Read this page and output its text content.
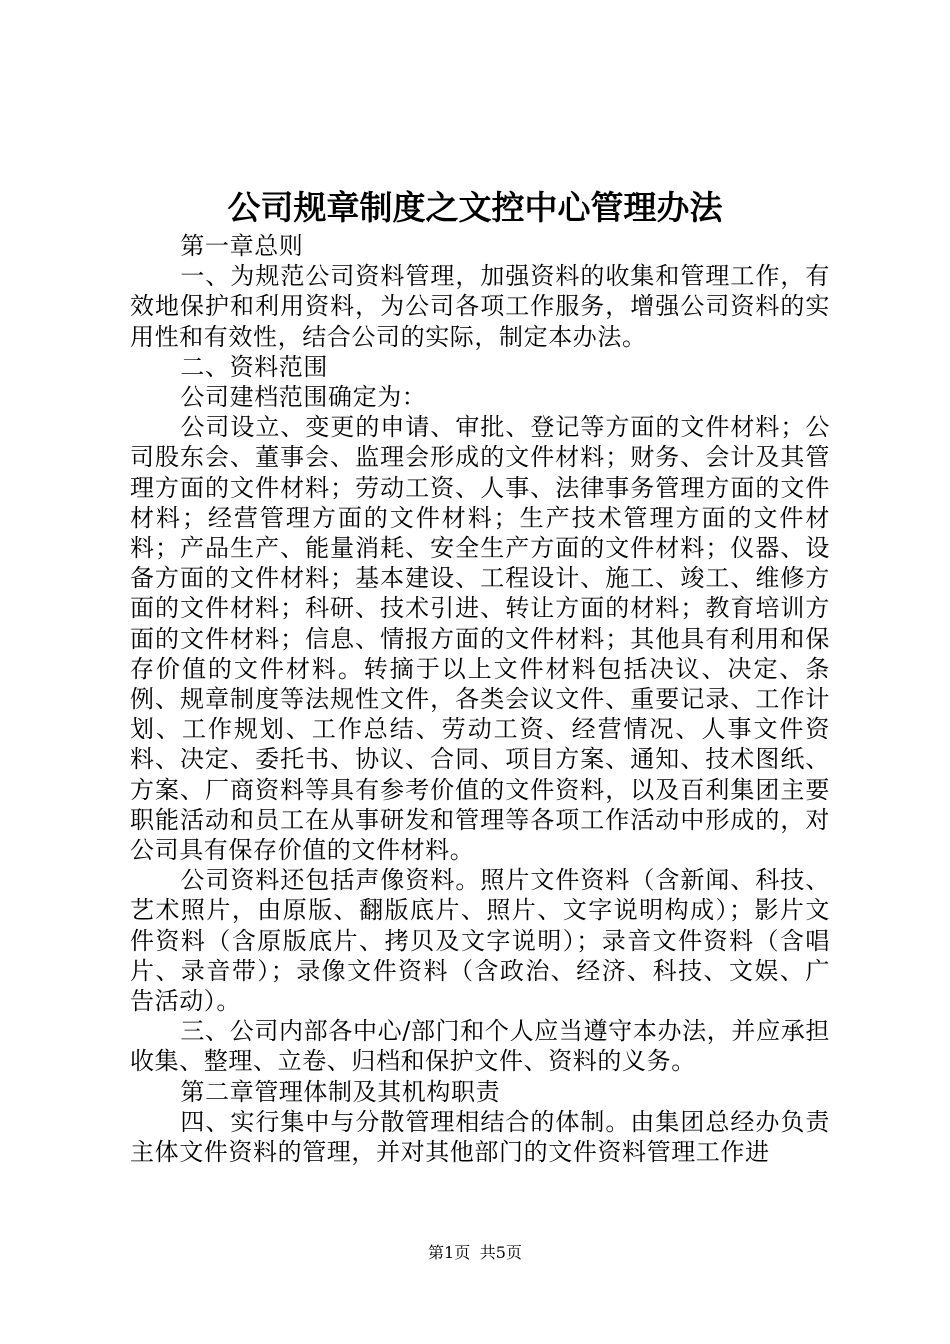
公司规章制度之文控中心管理办法

第一章总则

一、为规范公司资料管理，加强资料的收集和管理工作，有效地保护和利用资料，为公司各项工作服务，增强公司资料的实用性和有效性，结合公司的实际，制定本办法。

二、资料范围

公司建档范围确定为：

公司设立、变更的申请、审批、登记等方面的文件材料；公司股东会、董事会、监理会形成的文件材料；财务、会计及其管理方面的文件材料；劳动工资、人事、法律事务管理方面的文件材料；经营管理方面的文件材料；生产技术管理方面的文件材料；产品生产、能量消耗、安全生产方面的文件材料；仪器、设备方面的文件材料；基本建设、工程设计、施工、竣工、维修方面的文件材料；科研、技术引进、转让方面的材料；教育培训方面的文件材料；信息、情报方面的文件材料；其他具有利用和保存价值的文件材料。转摘于以上文件材料包括决议、决定、条例、规章制度等法规性文件，各类会议文件、重要记录、工作计划、工作规划、工作总结、劳动工资、经营情况、人事文件资料、决定、委托书、协议、合同、项目方案、通知、技术图纸、方案、厂商资料等具有参考价值的文件资料，以及百利集团主要职能活动和员工在从事研发和管理等各项工作活动中形成的，对公司具有保存价值的文件材料。

公司资料还包括声像资料。照片文件资料（含新闻、科技、艺术照片，由原版、翻版底片、照片、文字说明构成）；影片文件资料（含原版底片、拷贝及文字说明）；录音文件资料（含唱片、录音带）；录像文件资料（含政治、经济、科技、文娱、广告活动）。

三、公司内部各中心/部门和个人应当遵守本办法，并应承担收集、整理、立卷、归档和保护文件、资料的义务。

第二章管理体制及其机构职责

四、实行集中与分散管理相结合的体制。由集团总经办负责主体文件资料的管理，并对其他部门的文件资料管理工作进

第1页 共5页
